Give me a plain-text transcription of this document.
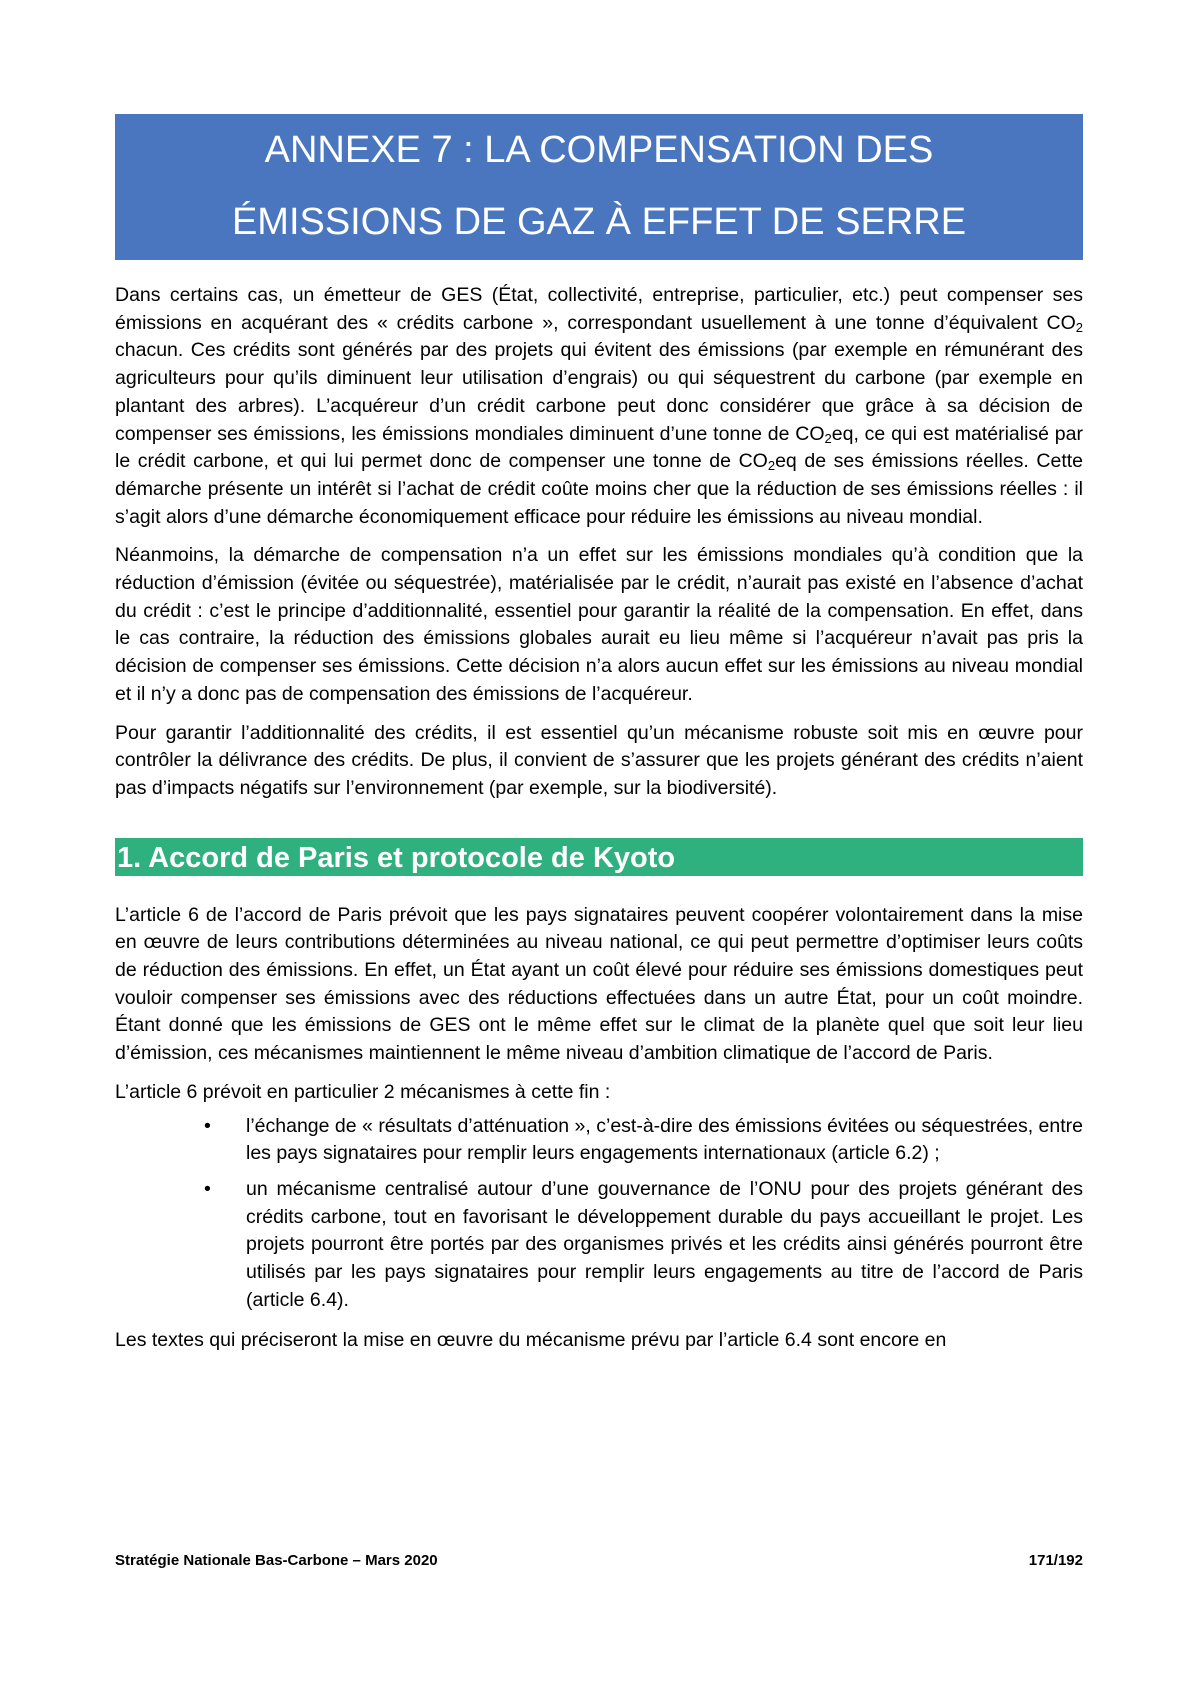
ANNEXE 7 : LA COMPENSATION DES
ÉMISSIONS DE GAZ À EFFET DE SERRE

Dans certains cas, un émetteur de GES (État, collectivité, entreprise, particulier, etc.) peut compenser ses émissions en acquérant des « crédits carbone », correspondant usuellement à une tonne d’équivalent $CO_2$ chacun. Ces crédits sont générés par des projets qui évitent des émissions (par exemple en rémunérant des agriculteurs pour qu’ils diminuent leur utilisation d’engrais) ou qui séquestrent du carbone (par exemple en plantant des arbres). L’acquéreur d’un crédit carbone peut donc considérer que grâce à sa décision de compenser ses émissions, les émissions mondiales diminuent d’une tonne de $CO_2eq$, ce qui est matérialisé par le crédit carbone, et qui lui permet donc de compenser une tonne de $CO_2eq$ de ses émissions réelles. Cette démarche présente un intérêt si l’achat de crédit coûte moins cher que la réduction de ses émissions réelles : il s’agit alors d’une démarche économiquement efficace pour réduire les émissions au niveau mondial.

Néanmoins, la démarche de compensation n’a un effet sur les émissions mondiales qu’à condition que la réduction d’émission (évitée ou séquestrée), matérialisée par le crédit, n’aurait pas existé en l’absence d’achat du crédit : c’est le principe d’additionnalité, essentiel pour garantir la réalité de la compensation. En effet, dans le cas contraire, la réduction des émissions globales aurait eu lieu même si l’acquéreur n’avait pas pris la décision de compenser ses émissions. Cette décision n’a alors aucun effet sur les émissions au niveau mondial et il n’y a donc pas de compensation des émissions de l’acquéreur.

Pour garantir l’additionnalité des crédits, il est essentiel qu’un mécanisme robuste soit mis en œuvre pour contrôler la délivrance des crédits. De plus, il convient de s’assurer que les projets générant des crédits n’aient pas d’impacts négatifs sur l’environnement (par exemple, sur la biodiversité).

1. Accord de Paris et protocole de Kyoto

L’article 6 de l’accord de Paris prévoit que les pays signataires peuvent coopérer volontairement dans la mise en œuvre de leurs contributions déterminées au niveau national, ce qui peut permettre d’optimiser leurs coûts de réduction des émissions. En effet, un État ayant un coût élevé pour réduire ses émissions domestiques peut vouloir compenser ses émissions avec des réductions effectuées dans un autre État, pour un coût moindre. Étant donné que les émissions de GES ont le même effet sur le climat de la planète quel que soit leur lieu d’émission, ces mécanismes maintiennent le même niveau d’ambition climatique de l’accord de Paris.

L’article 6 prévoit en particulier 2 mécanismes à cette fin :

• l’échange de « résultats d’atténuation », c’est-à-dire des émissions évitées ou séquestrées, entre les pays signataires pour remplir leurs engagements internationaux (article 6.2) ;
• un mécanisme centralisé autour d’une gouvernance de l’ONU pour des projets générant des crédits carbone, tout en favorisant le développement durable du pays accueillant le projet. Les projets pourront être portés par des organismes privés et les crédits ainsi générés pourront être utilisés par les pays signataires pour remplir leurs engagements au titre de l’accord de Paris (article 6.4).

Les textes qui préciseront la mise en œuvre du mécanisme prévu par l’article 6.4 sont encore en

Stratégie Nationale Bas-Carbone – Mars 2020	171/192
